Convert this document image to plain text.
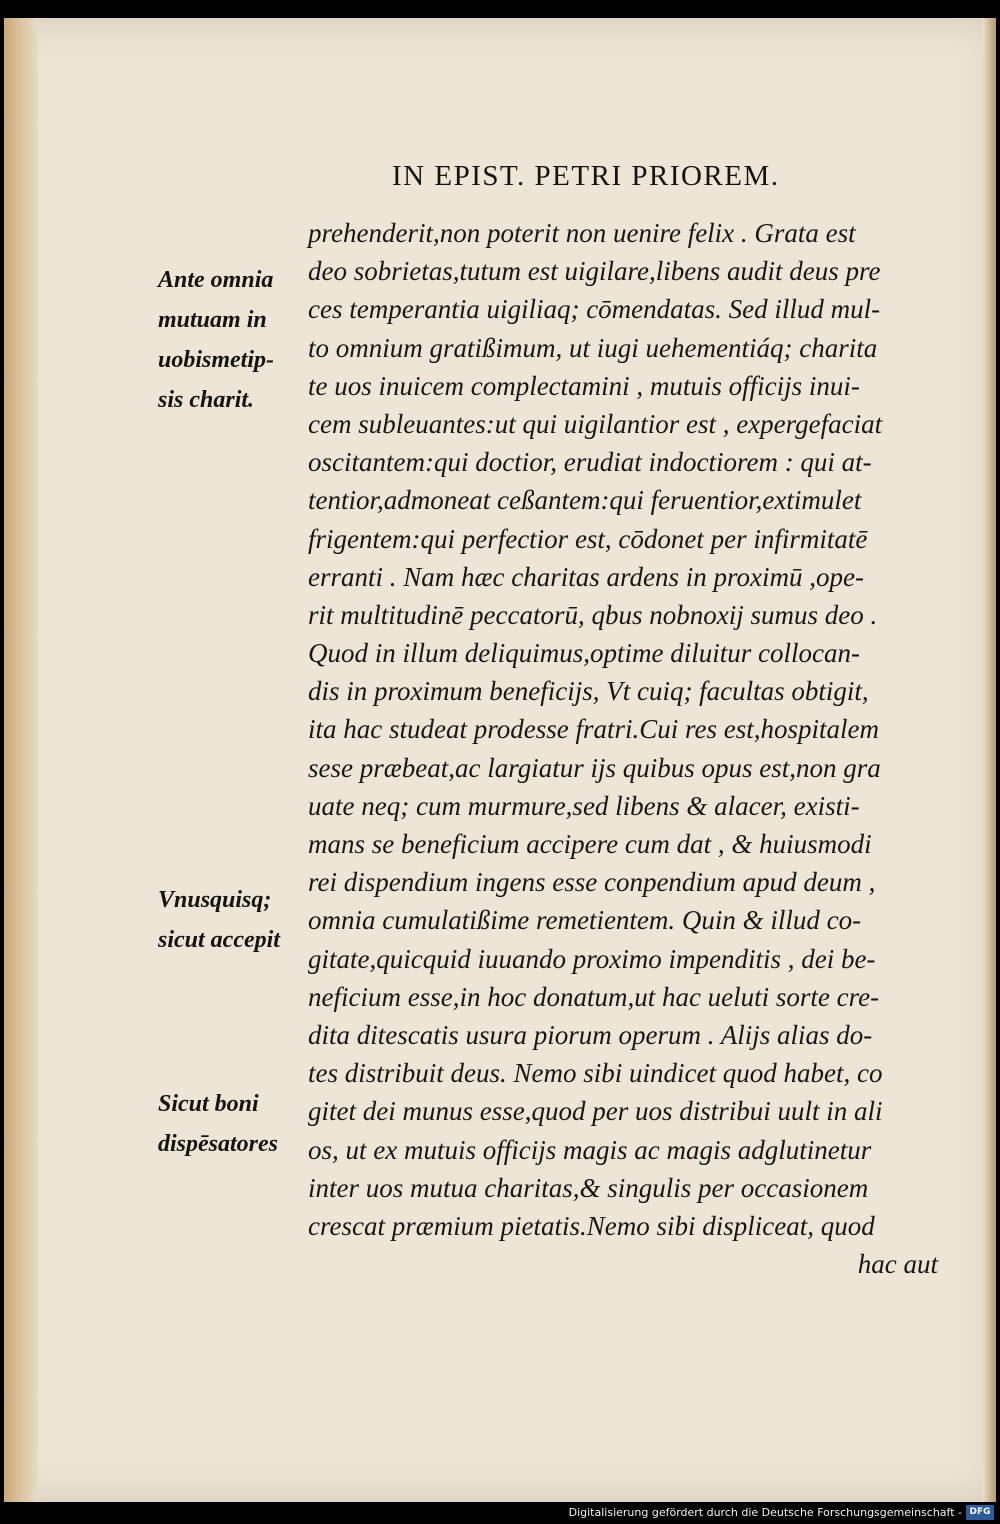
IN EPIST. PETRI PRIOREM.
prehenderit,non poterit non uenire felix . Grata est
deo sobrietas,tutum est uigilare,libens audit deus pre
ces temperantia uigiliaq; cōmendatas. Sed illud mul-
to omnium gratißimum, ut iugi uehementiáq; charita
te uos inuicem complectamini , mutuis officijs inui-
cem subleuantes:ut qui uigilantior est , expergefaciat
oscitantem:qui doctior, erudiat indoctiorem : qui at-
tentior,admoneat ceßantem:qui feruentior,extimulet
frigentem:qui perfectior est, cōdonet per infirmitatē
erranti . Nam hæc charitas ardens in proximū ,ope-
rit multitudinē peccatorū, qbus nobnoxij sumus deo .
Quod in illum deliquimus,optime diluitur collocan-
dis in proximum beneficijs, Vt cuiq; facultas obtigit,
ita hac studeat prodesse fratri.Cui res est,hospitalem
sese præbeat,ac largiatur ijs quibus opus est,non gra
uate neq; cum murmure,sed libens & alacer, existi-
mans se beneficium accipere cum dat , & huiusmodi
rei dispendium ingens esse conpendium apud deum ,
omnia cumulatißime remetientem. Quin & illud co-
gitate,quicquid iuuando proximo impenditis , dei be-
neficium esse,in hoc donatum,ut hac ueluti sorte cre-
dita ditescatis usura piorum operum . Alijs alias do-
tes distribuit deus. Nemo sibi uindicet quod habet, co
gitet dei munus esse,quod per uos distribui uult in ali
os, ut ex mutuis officijs magis ac magis adglutinetur
inter uos mutua charitas,& singulis per occasionem
crescat præmium pietatis.Nemo sibi displiceat, quod
hac aut
Ante omnia
mutuam in
uobismetip-
sis charit.
Vnusquisq;
sicut accepit
Sicut boni
dispēsatores
Digitalisierung gefördert durch die Deutsche Forschungsgemeinschaft - DFG
